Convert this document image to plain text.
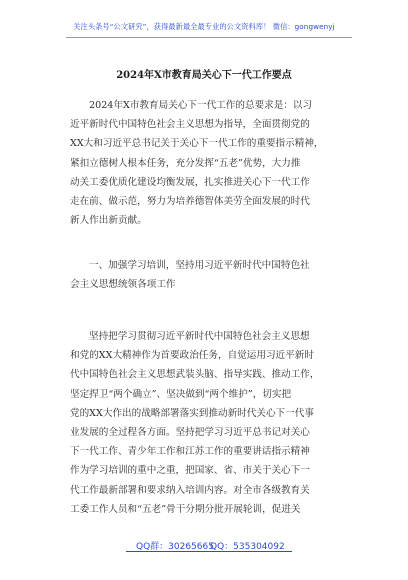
关注头条号“公文研究”，获得最新最全最专业的公文资料库！ 微信：gongwenyj
2024年X市教育局关心下一代工作要点
2024年X市教育局关心下一代工作的总要求是：以习
近平新时代中国特色社会主义思想为指导，全面贯彻党的
XX大和习近平总书记关于关心下一代工作的重要指示精神，
紧扣立德树人根本任务，充分发挥“五老”优势，大力推
动关工委优质化建设均衡发展，扎实推进关心下一代工作
走在前、做示范，努力为培养德智体美劳全面发展的时代
新人作出新贡献。
一、加强学习培训，坚持用习近平新时代中国特色社
会主义思想统领各项工作
坚持把学习贯彻习近平新时代中国特色社会主义思想
和党的XX大精神作为首要政治任务，自觉运用习近平新时
代中国特色社会主义思想武装头脑、指导实践、推动工作，
坚定捍卫“两个确立”、坚决做到“两个维护”，切实把
党的XX大作出的战略部署落实到推动新时代关心下一代事
业发展的全过程各方面。坚持把学习习近平总书记对关心
下一代工作、青少年工作和江苏工作的重要讲话指示精神
作为学习培训的重中之重，把国家、省、市关于关心下一
代工作最新部署和要求纳入培训内容。对全市各级教育关
工委工作人员和“五老”骨干分期分批开展轮训，促进关
QQ群：30265665
QQ：535304092
